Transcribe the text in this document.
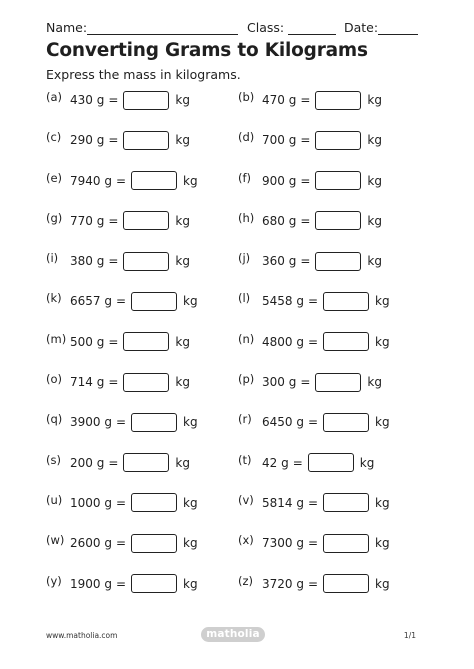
Name:	Class:	Date:
Converting Grams to Kilograms
Express the mass in kilograms.
(a) 430 g =	kg	(b) 470 g =	kg
(c) 290 g =	kg	(d) 700 g =	kg
(e) 7940 g =	kg	(f) 900 g =	kg
(g) 770 g =	kg	(h) 680 g =	kg
(i) 380 g =	kg	(j) 360 g =	kg
(k) 6657 g =	kg	(l) 5458 g =	kg
(m) 500 g =	kg	(n) 4800 g =	kg
(o) 714 g =	kg	(p) 300 g =	kg
(q) 3900 g =	kg	(r) 6450 g =	kg
(s) 200 g =	kg	(t) 42 g =	kg
(u) 1000 g =	kg	(v) 5814 g =	kg
(w) 2600 g =	kg	(x) 7300 g =	kg
(y) 1900 g =	kg	(z) 3720 g =	kg
www.matholia.com	matholia	1/1
